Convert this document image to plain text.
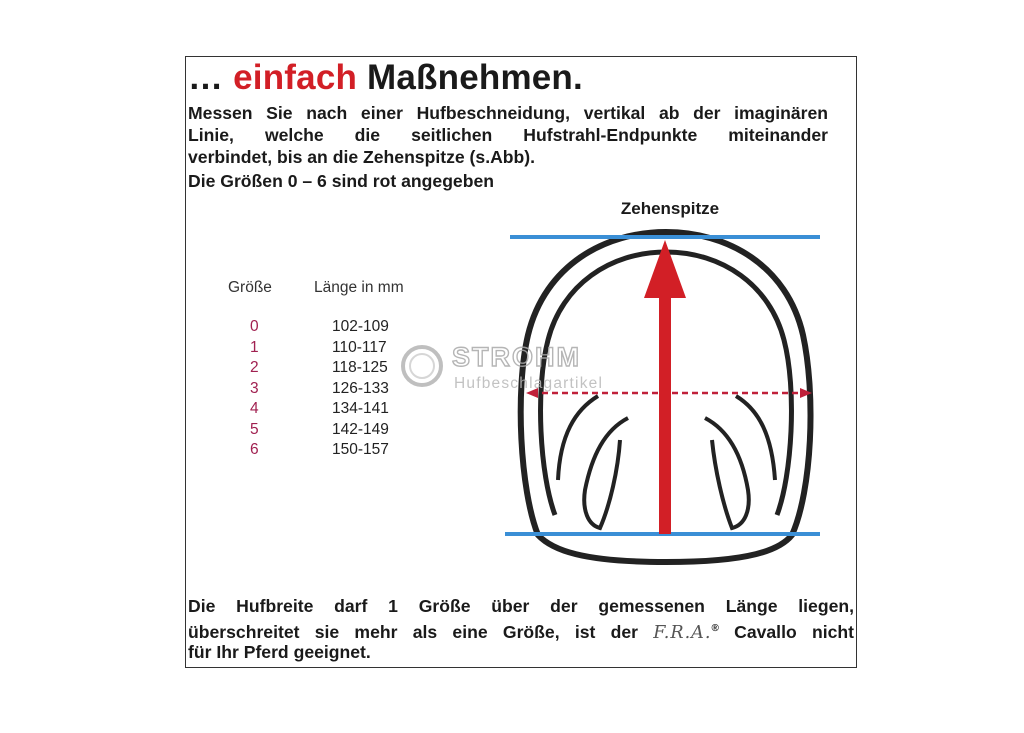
… einfach Maßnehmen.
Messen Sie nach einer Hufbeschneidung, vertikal ab der imaginären
Linie, welche die seitlichen Hufstrahl-Endpunkte miteinander
verbindet, bis an die Zehenspitze (s.Abb).
Die Größen 0 – 6 sind rot angegeben
Größe	Länge in mm
0	102-109
1	110-117
2	118-125
3	126-133
4	134-141
5	142-149
6	150-157
Zehenspitze
STROHM
Hufbeschlagartikel
Die Hufbreite darf 1 Größe über der gemessenen Länge liegen,
überschreitet sie mehr als eine Größe, ist der F.R.A.® Cavallo nicht
für Ihr Pferd geeignet.
